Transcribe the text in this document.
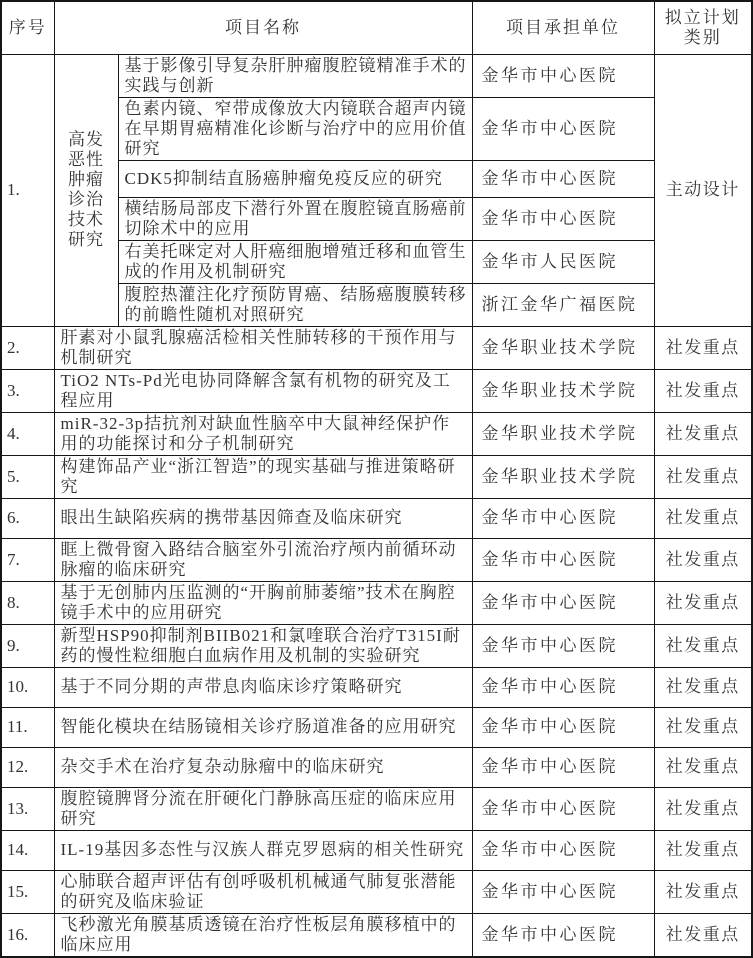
序号	项目名称		项目承担单位	拟立计划类别
1.	高发恶性肿瘤诊治技术研究	基于影像引导复杂肝肿瘤腹腔镜精准手术的实践与创新	金华市中心医院	主动设计
		色素内镜、窄带成像放大内镜联合超声内镜在早期胃癌精准化诊断与治疗中的应用价值研究	金华市中心医院	
		CDK5抑制结直肠癌肿瘤免疫反应的研究	金华市中心医院	
		横结肠局部皮下潜行外置在腹腔镜直肠癌前切除术中的应用	金华市中心医院	
		右美托咪定对人肝癌细胞增殖迁移和血管生成的作用及机制研究	金华市人民医院	
		腹腔热灌注化疗预防胃癌、结肠癌腹膜转移的前瞻性随机对照研究	浙江金华广福医院	
2.	肝素对小鼠乳腺癌活检相关性肺转移的干预作用与机制研究		金华职业技术学院	社发重点
3.	TiO2 NTs-Pd光电协同降解含氯有机物的研究及工程应用		金华职业技术学院	社发重点
4.	miR-32-3p拮抗剂对缺血性脑卒中大鼠神经保护作用的功能探讨和分子机制研究		金华职业技术学院	社发重点
5.	构建饰品产业“浙江智造”的现实基础与推进策略研究		金华职业技术学院	社发重点
6.	眼出生缺陷疾病的携带基因筛查及临床研究		金华市中心医院	社发重点
7.	眶上微骨窗入路结合脑室外引流治疗颅内前循环动脉瘤的临床研究		金华市中心医院	社发重点
8.	基于无创肺内压监测的“开胸前肺萎缩”技术在胸腔镜手术中的应用研究		金华市中心医院	社发重点
9.	新型HSP90抑制剂BIIB021和氯喹联合治疗T315I耐药的慢性粒细胞白血病作用及机制的实验研究		金华市中心医院	社发重点
10.	基于不同分期的声带息肉临床诊疗策略研究		金华市中心医院	社发重点
11.	智能化模块在结肠镜相关诊疗肠道准备的应用研究		金华市中心医院	社发重点
12.	杂交手术在治疗复杂动脉瘤中的临床研究		金华市中心医院	社发重点
13.	腹腔镜脾肾分流在肝硬化门静脉高压症的临床应用研究		金华市中心医院	社发重点
14.	IL-19基因多态性与汉族人群克罗恩病的相关性研究		金华市中心医院	社发重点
15.	心肺联合超声评估有创呼吸机机械通气肺复张潜能的研究及临床验证		金华市中心医院	社发重点
16.	飞秒激光角膜基质透镜在治疗性板层角膜移植中的临床应用		金华市中心医院	社发重点
